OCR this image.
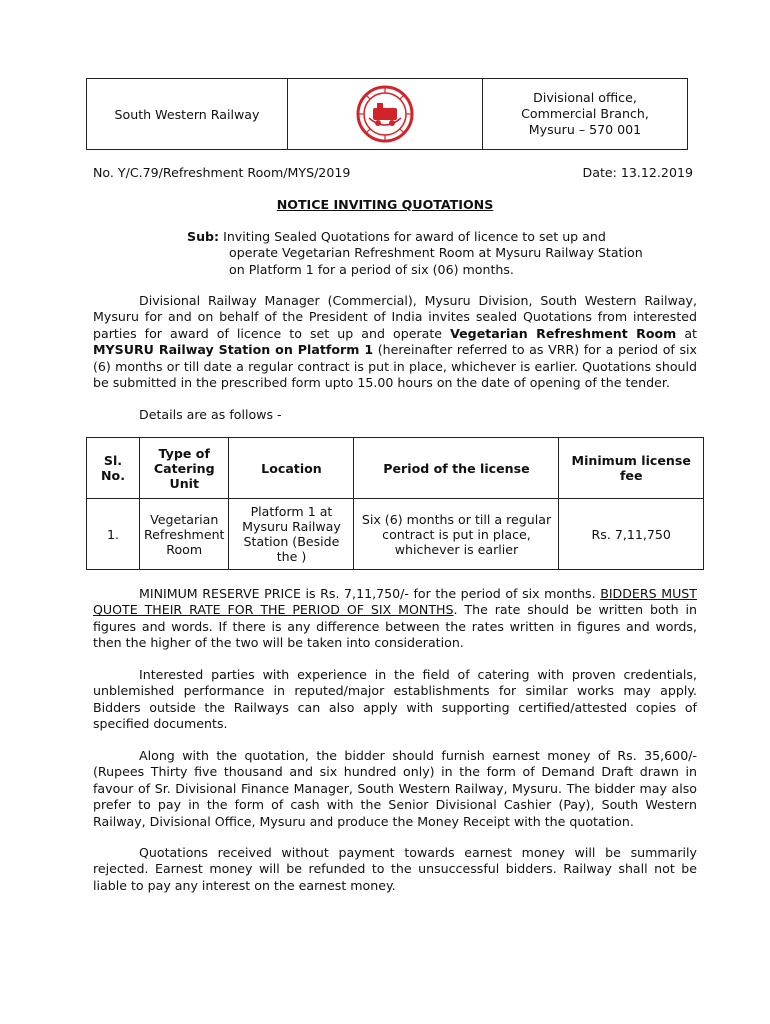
South Western Railway
Divisional office,
Commercial Branch,
Mysuru – 570 001
No. Y/C.79/Refreshment Room/MYS/2019	Date: 13.12.2019
NOTICE INVITING QUOTATIONS
Sub: Inviting Sealed Quotations for award of licence to set up and
operate Vegetarian Refreshment Room at Mysuru Railway Station
on Platform 1 for a period of six (06) months.

Divisional Railway Manager (Commercial), Mysuru Division, South Western Railway, Mysuru for and on behalf of the President of India invites sealed Quotations from interested parties for award of licence to set up and operate Vegetarian Refreshment Room at MYSURU Railway Station on Platform 1 (hereinafter referred to as VRR) for a period of six (6) months or till date a regular contract is put in place, whichever is earlier. Quotations should be submitted in the prescribed form upto 15.00 hours on the date of opening of the tender.

Details are as follows -

Sl. No.	Type of Catering Unit	Location	Period of the license	Minimum license fee
1.	Vegetarian Refreshment Room	Platform 1 at Mysuru Railway Station (Beside the )	Six (6) months or till a regular contract is put in place, whichever is earlier	Rs. 7,11,750

MINIMUM RESERVE PRICE is Rs. 7,11,750/- for the period of six months. BIDDERS MUST QUOTE THEIR RATE FOR THE PERIOD OF SIX MONTHS. The rate should be written both in figures and words. If there is any difference between the rates written in figures and words, then the higher of the two will be taken into consideration.

Interested parties with experience in the field of catering with proven credentials, unblemished performance in reputed/major establishments for similar works may apply. Bidders outside the Railways can also apply with supporting certified/attested copies of specified documents.

Along with the quotation, the bidder should furnish earnest money of Rs. 35,600/- (Rupees Thirty five thousand and six hundred only) in the form of Demand Draft drawn in favour of Sr. Divisional Finance Manager, South Western Railway, Mysuru. The bidder may also prefer to pay in the form of cash with the Senior Divisional Cashier (Pay), South Western Railway, Divisional Office, Mysuru and produce the Money Receipt with the quotation.

Quotations received without payment towards earnest money will be summarily rejected. Earnest money will be refunded to the unsuccessful bidders. Railway shall not be liable to pay any interest on the earnest money.
